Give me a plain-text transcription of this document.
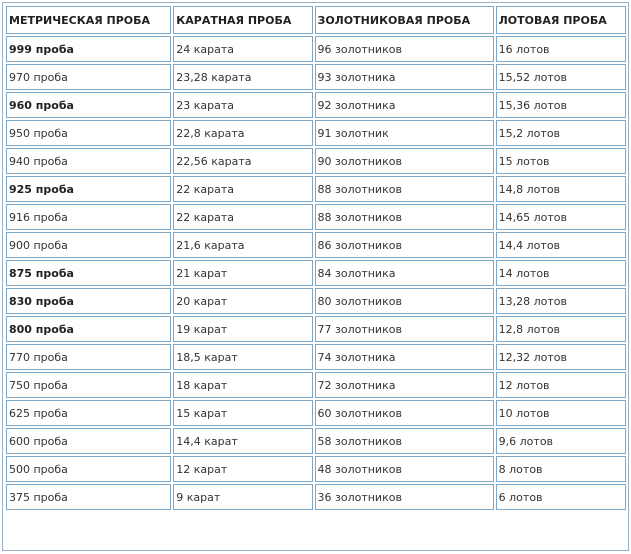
МЕТРИЧЕСКАЯ ПРОБА	КАРАТНАЯ ПРОБА	ЗОЛОТНИКОВАЯ ПРОБА	ЛОТОВАЯ ПРОБА
999 проба	24 карата	96 золотников	16 лотов
970 проба	23,28 карата	93 золотника	15,52 лотов
960 проба	23 карата	92 золотника	15,36 лотов
950 проба	22,8 карата	91 золотник	15,2 лотов
940 проба	22,56 карата	90 золотников	15 лотов
925 проба	22 карата	88 золотников	14,8 лотов
916 проба	22 карата	88 золотников	14,65 лотов
900 проба	21,6 карата	86 золотников	14,4 лотов
875 проба	21 карат	84 золотника	14 лотов
830 проба	20 карат	80 золотников	13,28 лотов
800 проба	19 карат	77 золотников	12,8 лотов
770 проба	18,5 карат	74 золотника	12,32 лотов
750 проба	18 карат	72 золотника	12 лотов
625 проба	15 карат	60 золотников	10 лотов
600 проба	14,4 карат	58 золотников	9,6 лотов
500 проба	12 карат	48 золотников	8 лотов
375 проба	9 карат	36 золотников	6 лотов
